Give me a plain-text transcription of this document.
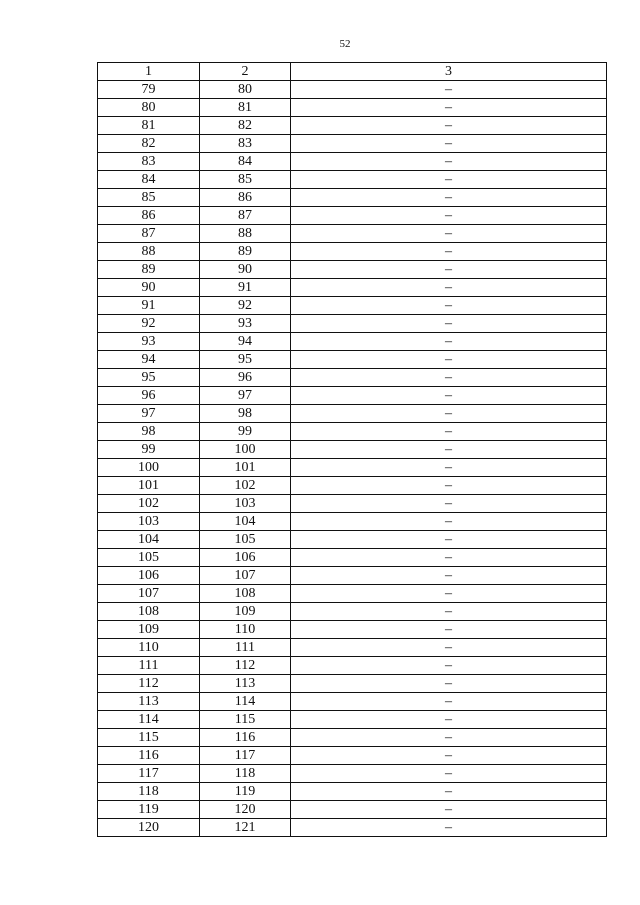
52
1	2	3
79	80	–
80	81	–
81	82	–
82	83	–
83	84	–
84	85	–
85	86	–
86	87	–
87	88	–
88	89	–
89	90	–
90	91	–
91	92	–
92	93	–
93	94	–
94	95	–
95	96	–
96	97	–
97	98	–
98	99	–
99	100	–
100	101	–
101	102	–
102	103	–
103	104	–
104	105	–
105	106	–
106	107	–
107	108	–
108	109	–
109	110	–
110	111	–
111	112	–
112	113	–
113	114	–
114	115	–
115	116	–
116	117	–
117	118	–
118	119	–
119	120	–
120	121	–
